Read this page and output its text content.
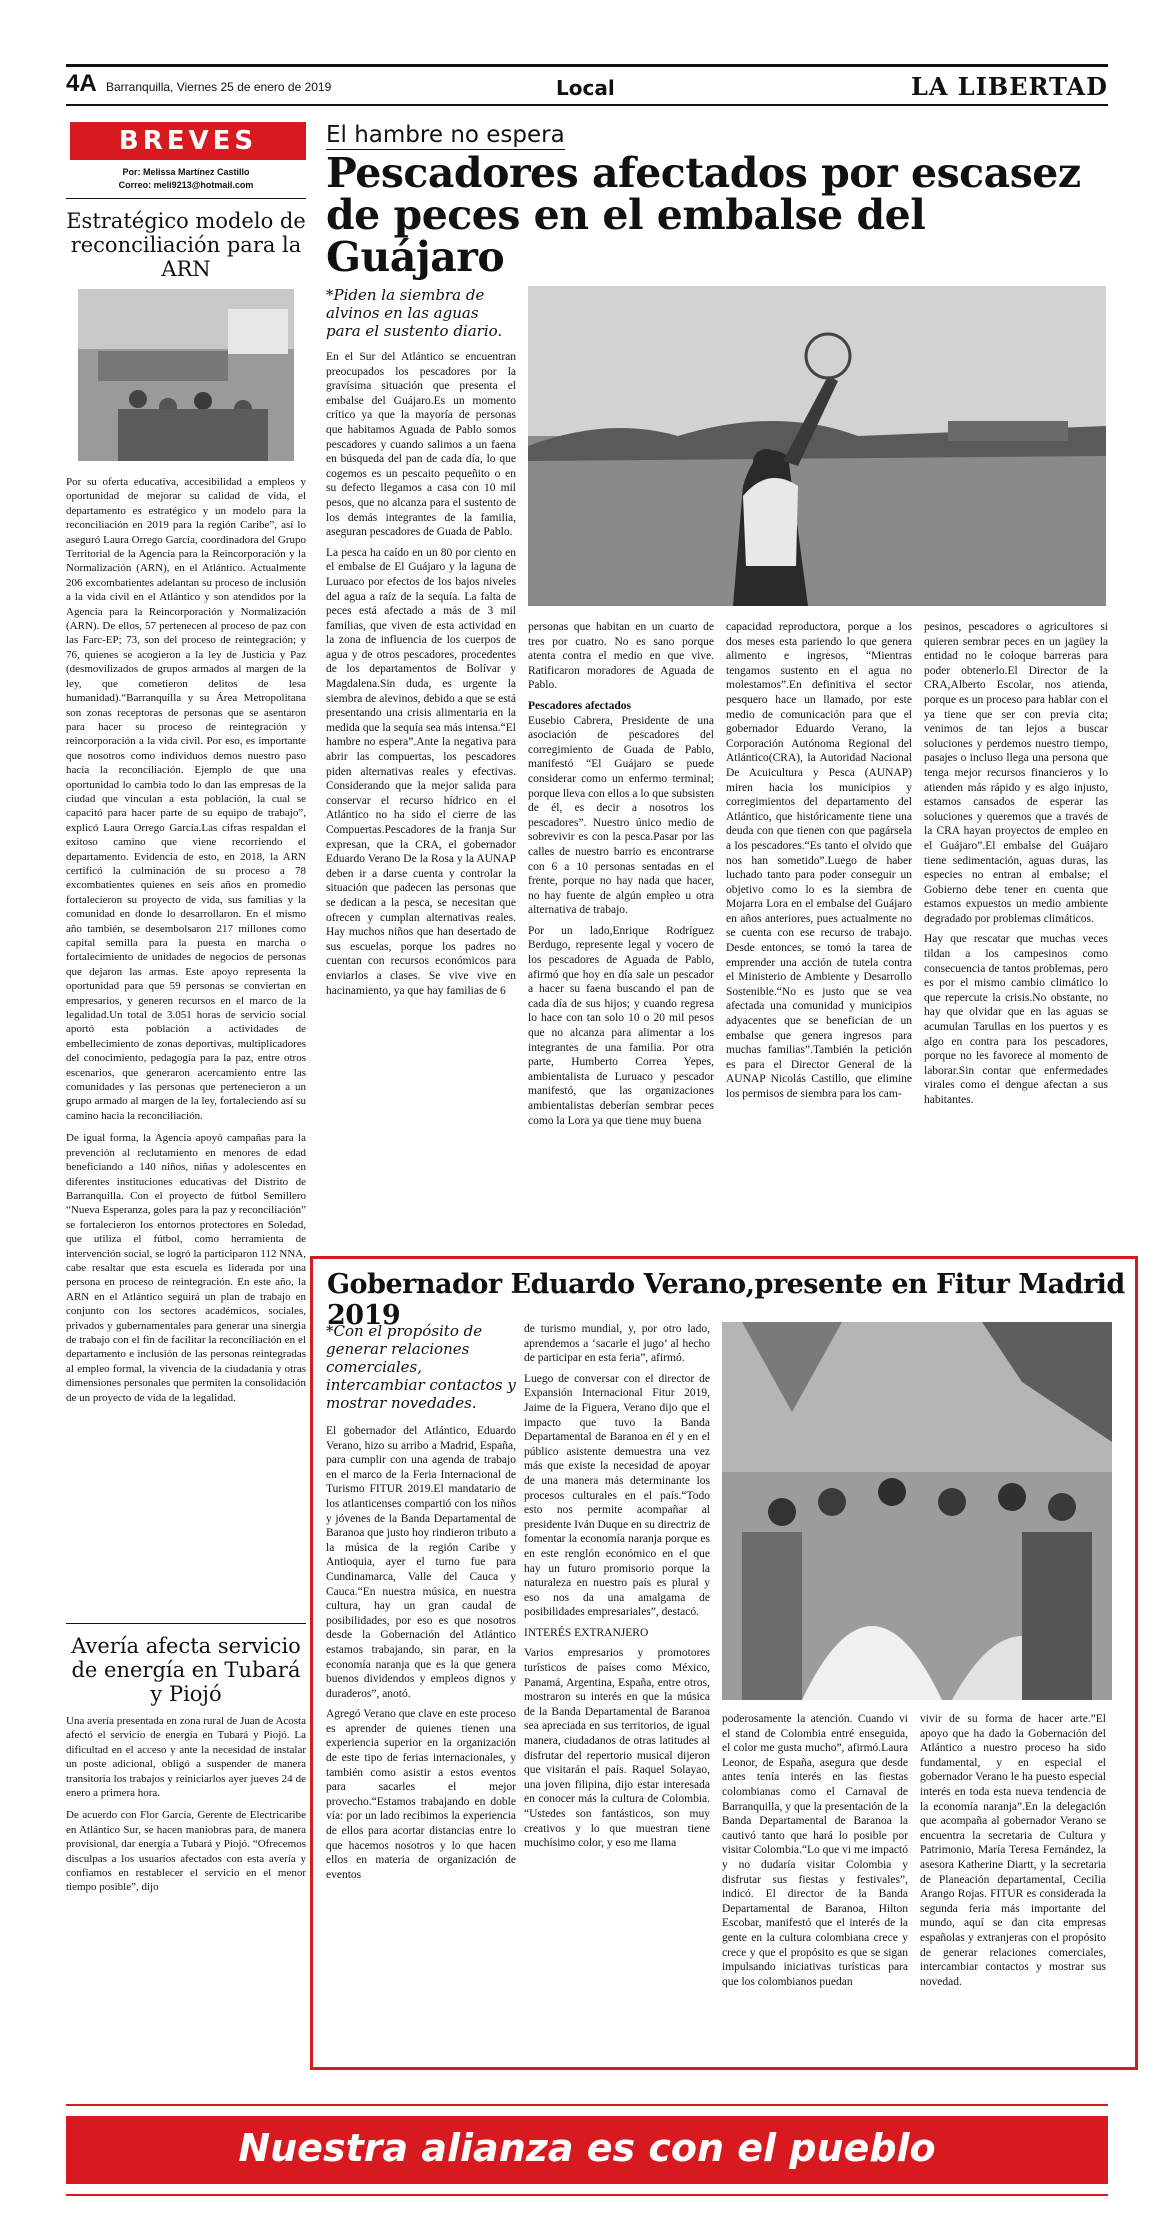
4A Barranquilla, Viernes 25 de enero de 2019	Local	LA LIBERTAD
BREVES
Por: Melissa Martínez Castillo
Correo: meli9213@hotmail.com
Estratégico modelo de reconciliación para la ARN

Por su oferta educativa, accesibilidad a empleos y oportunidad de mejorar su calidad de vida, el departamento es estratégico y un modelo para la reconciliación en 2019 para la región Caribe”, así lo aseguró Laura Orrego García, coordinadora del Grupo Territorial de la Agencia para la Reincorporación y la Normalización (ARN), en el Atlántico. Actualmente 206 excombatientes adelantan su proceso de inclusión a la vida civil en el Atlántico y son atendidos por la Agencia para la Reincorporación y Normalización (ARN). De ellos, 57 pertenecen al proceso de paz con las Farc-EP; 73, son del proceso de reintegración; y 76, quienes se acogieron a la ley de Justicia y Paz (desmovilizados de grupos armados al margen de la ley, que cometieron delitos de lesa humanidad).“Barranquilla y su Área Metropolitana son zonas receptoras de personas que se asentaron para hacer su proceso de reintegración y reincorporación a la vida civil. Por eso, es importante que nosotros como individuos demos nuestro paso hacia la reconciliación. Ejemplo de que una oportunidad lo cambia todo lo dan las empresas de la ciudad que vinculan a esta población, la cual se capacitó para hacer parte de su equipo de trabajo”, explicó Laura Orrego García.Las cifras respaldan el exitoso camino que viene recorriendo el departamento. Evidencia de esto, en 2018, la ARN certificó la culminación de su proceso a 78 excombatientes quienes en seis años en promedio fortalecieron su proyecto de vida, sus familias y la comunidad en donde lo desarrollaron. En el mismo año también, se desembolsaron 217 millones como capital semilla para la puesta en marcha o fortalecimiento de unidades de negocios de personas que dejaron las armas. Este apoyo representa la oportunidad para que 59 personas se conviertan en empresarios, y generen recursos en el marco de la legalidad.Un total de 3.051 horas de servicio social aportó esta población a actividades de embellecimiento de zonas deportivas, multiplicadores del conocimiento, pedagogía para la paz, entre otros escenarios, que generaron acercamiento entre las comunidades y las personas que pertenecieron a un grupo armado al margen de la ley, fortaleciendo así su camino hacia la reconciliación.

De igual forma, la Agencia apoyó campañas para la prevención al reclutamiento en menores de edad beneficiando a 140 niños, niñas y adolescentes en diferentes instituciones educativas del Distrito de Barranquilla. Con el proyecto de fútbol Semillero “Nueva Esperanza, goles para la paz y reconciliación” se fortalecieron los entornos protectores en Soledad, que utiliza el fútbol, como herramienta de intervención social, se logró la participaron 112 NNA, cabe resaltar que esta escuela es liderada por una persona en proceso de reintegración. En este año, la ARN en el Atlántico seguirá un plan de trabajo en conjunto con los sectores académicos, sociales, privados y gubernamentales para generar una sinergia de trabajo con el fin de facilitar la reconciliación en el departamento e inclusión de las personas reintegradas al empleo formal, la vivencia de la ciudadanía y otras dimensiones personales que permiten la consolidación de un proyecto de vida de la legalidad.

Avería afecta servicio de energía en Tubará y Piojó

Una avería presentada en zona rural de Juan de Acosta afectó el servicio de energía en Tubará y Piojó. La dificultad en el acceso y ante la necesidad de instalar un poste adicional, obligó a suspender de manera transitoria los trabajos y reiniciarlos ayer jueves 24 de enero a primera hora.

De acuerdo con Flor García, Gerente de Electricaribe en Atlántico Sur, se hacen maniobras para, de manera provisional, dar energía a Tubará y Piojó. “Ofrecemos disculpas a los usuarios afectados con esta avería y confiamos en restablecer el servicio en el menor tiempo posible”, dijo

El hambre no espera
Pescadores afectados por escasez
de peces en el embalse del Guájaro
*Piden la siembra de alvinos en las aguas para el sustento diario.

En el Sur del Atlántico se encuentran preocupados los pescadores por la gravísima situación que presenta el embalse del Guájaro.Es un momento crítico ya que la mayoría de personas que habitamos Aguada de Pablo somos pescadores y cuando salimos a un faena en búsqueda del pan de cada día, lo que cogemos es un pescaito pequeñito o en su defecto llegamos a casa con 10 mil pesos, que no alcanza para el sustento de los demás integrantes de la familia, aseguran pescadores de Guada de Pablo.

La pesca ha caído en un 80 por ciento en el embalse de El Guájaro y la laguna de Luruaco por efectos de los bajos niveles del agua a raíz de la sequía. La falta de peces está afectado a más de 3 mil familias, que viven de esta actividad en la zona de influencia de los cuerpos de agua y de otros pescadores, procedentes de los departamentos de Bolívar y Magdalena.Sin duda, es urgente la siembra de alevinos, debido a que se está presentando una crisis alimentaria en la medida que la sequía sea más intensa.“El hambre no espera”.Ante la negativa para abrir las compuertas, los pescadores piden alternativas reales y efectivas. Considerando que la mejor salida para conservar el recurso hídrico en el Atlántico no ha sido el cierre de las Compuertas.Pescadores de la franja Sur expresan, que la CRA, el gobernador Eduardo Verano De la Rosa y la AUNAP deben ir a darse cuenta y controlar la situación que padecen las personas que se dedican a la pesca, se necesitan que ofrecen y cumplan alternativas reales. Hay muchos niños que han desertado de sus escuelas, porque los padres no cuentan con recursos económicos para enviarlos a clases. Se vive vive en hacinamiento, ya que hay familias de 6

personas que habitan en un cuarto de tres por cuatro. No es sano porque atenta contra el medio en que vive. Ratificaron moradores de Aguada de Pablo.

Pescadores afectados

Eusebio Cabrera, Presidente de una asociación de pescadores del corregimiento de Guada de Pablo, manifestó “El Guájaro se puede considerar como un enfermo terminal; porque lleva con ellos a lo que subsisten de él, es decir a nosotros los pescadores”. Nuestro único medio de sobrevivir es con la pesca.Pasar por las calles de nuestro barrio es encontrarse con 6 a 10 personas sentadas en el frente, porque no hay nada que hacer, no hay fuente de algún empleo u otra alternativa de trabajo.

Por un lado,Enrique Rodríguez Berdugo, represente legal y vocero de los pescadores de Aguada de Pablo, afirmó que hoy en día sale un pescador a hacer su faena buscando el pan de cada día de sus hijos; y cuando regresa lo hace con tan solo 10 o 20 mil pesos que no alcanza para alimentar a los integrantes de una familia. Por otra parte, Humberto Correa Yepes, ambientalista de Luruaco y pescador manifestó, que las organizaciones ambientalistas deberían sembrar peces como la Lora ya que tiene muy buena

capacidad reproductora, porque a los dos meses esta pariendo lo que genera alimento e ingresos, “Mientras tengamos sustento en el agua no molestamos”.En definitiva el sector pesquero hace un llamado, por este medio de comunicación para que el gobernador Eduardo Verano, la Corporación Autónoma Regional del Atlántico(CRA), la Autoridad Nacional De Acuicultura y Pesca (AUNAP) miren hacia los municipios y corregimientos del departamento del Atlántico, que históricamente tiene una deuda con que tienen con que pagársela a los pescadores.“Es tanto el olvido que nos han sometido”.Luego de haber luchado tanto para poder conseguir un objetivo como lo es la siembra de Mojarra Lora en el embalse del Guájaro en años anteriores, pues actualmente no se cuenta con ese recurso de trabajo. Desde entonces, se tomó la tarea de emprender una acción de tutela contra el Ministerio de Ambiente y Desarrollo Sostenible.“No es justo que se vea afectada una comunidad y municipios adyacentes que se benefician de un embalse que genera ingresos para muchas familias”.También la petición es para el Director General de la AUNAP Nicolás Castillo, que elimine los permisos de siembra para los cam-

pesinos, pescadores o agricultores si quieren sembrar peces en un jagüey la entidad no le coloque barreras para poder obtenerlo.El Director de la CRA,Alberto Escolar, nos atienda, porque es un proceso para hablar con el ya tiene que ser con previa cita; venimos de tan lejos a buscar soluciones y perdemos nuestro tiempo, pasajes o incluso llega una persona que tenga mejor recursos financieros y lo atienden más rápido y es algo injusto, estamos cansados de esperar las soluciones y queremos que a través de la CRA hayan proyectos de empleo en el Guájaro”.El embalse del Guájaro tiene sedimentación, aguas duras, las especies no entran al embalse; el Gobierno debe tener en cuenta que estamos expuestos un medio ambiente degradado por problemas climáticos.

Hay que rescatar que muchas veces tildan a los campesinos como consecuencia de tantos problemas, pero es por el mismo cambio climático lo que repercute la crisis.No obstante, no hay que olvidar que en las aguas se acumulan Tarullas en los puertos y es algo en contra para los pescadores, porque no les favorece al momento de laborar.Sin contar que enfermedades virales como el dengue afectan a sus habitantes.

Gobernador Eduardo Verano,presente en Fitur Madrid 2019
*Con el propósito de generar relaciones comerciales, intercambiar contactos y mostrar novedades.

El gobernador del Atlántico, Eduardo Verano, hizo su arribo a Madrid, España, para cumplir con una agenda de trabajo en el marco de la Feria Internacional de Turismo FITUR 2019.El mandatario de los atlanticenses compartió con los niños y jóvenes de la Banda Departamental de Baranoa que justo hoy rindieron tributo a la música de la región Caribe y Antioquia, ayer el turno fue para Cundinamarca, Valle del Cauca y Cauca.“En nuestra música, en nuestra cultura, hay un gran caudal de posibilidades, por eso es que nosotros desde la Gobernación del Atlántico estamos trabajando, sin parar, en la economía naranja que es la que genera buenos dividendos y empleos dignos y duraderos”, anotó.

Agregó Verano que clave en este proceso es aprender de quienes tienen una experiencia superior en la organización de este tipo de ferias internacionales, y también como asistir a estos eventos para sacarles el mejor provecho.“Estamos trabajando en doble vía: por un lado recibimos la experiencia de ellos para acortar distancias entre lo que hacemos nosotros y lo que hacen ellos en materia de organización de eventos

de turismo mundial, y, por otro lado, aprendemos a ‘sacarle el jugo’ al hecho de participar en esta feria”, afirmó.

Luego de conversar con el director de Expansión Internacional Fitur 2019, Jaime de la Figuera, Verano dijo que el impacto que tuvo la Banda Departamental de Baranoa en él y en el público asistente demuestra una vez más que existe la necesidad de apoyar de una manera más determinante los procesos culturales en el país.“Todo esto nos permite acompañar al presidente Iván Duque en su directriz de fomentar la economía naranja porque es en este renglón económico en el que hay un futuro promisorio porque la naturaleza en nuestro país es plural y eso nos da una amalgama de posibilidades empresariales”, destacó.

INTERÉS EXTRANJERO

Varios empresarios y promotores turísticos de países como México, Panamá, Argentina, España, entre otros, mostraron su interés en que la música de la Banda Departamental de Baranoa sea apreciada en sus territorios, de igual manera, ciudadanos de otras latitudes al disfrutar del repertorio musical dijeron que visitarán el país. Raquel Solayao, una joven filipina, dijo estar interesada en conocer más la cultura de Colombia. “Ustedes son fantásticos, son muy creativos y lo que muestran tiene muchísimo color, y eso me llama

poderosamente la atención. Cuando vi el stand de Colombia entré enseguida, el color me gusta mucho”, afirmó.Laura Leonor, de España, asegura que desde antes tenía interés en las fiestas colombianas como el Carnaval de Barranquilla, y que la presentación de la Banda Departamental de Baranoa la cautivó tanto que hará lo posible por visitar Colombia.“Lo que vi me impactó y no dudaría visitar Colombia y disfrutar sus fiestas y festivales”, indicó. El director de la Banda Departamental de Baranoa, Hilton Escobar, manifestó que el interés de la gente en la cultura colombiana crece y crece y que el propósito es que se sigan impulsando iniciativas turísticas para que los colombianos puedan

vivir de su forma de hacer arte.”El apoyo que ha dado la Gobernación del Atlántico a nuestro proceso ha sido fundamental, y en especial el gobernador Verano le ha puesto especial interés en toda esta nueva tendencia de la economía naranja”.En la delegación que acompaña al gobernador Verano se encuentra la secretaria de Cultura y Patrimonio, María Teresa Fernández, la asesora Katherine Diartt, y la secretaria de Planeación departamental, Cecilia Arango Rojas. FITUR es considerada la segunda feria más importante del mundo, aquí se dan cita empresas españolas y extranjeras con el propósito de generar relaciones comerciales, intercambiar contactos y mostrar sus novedad.

Nuestra alianza es con el pueblo
